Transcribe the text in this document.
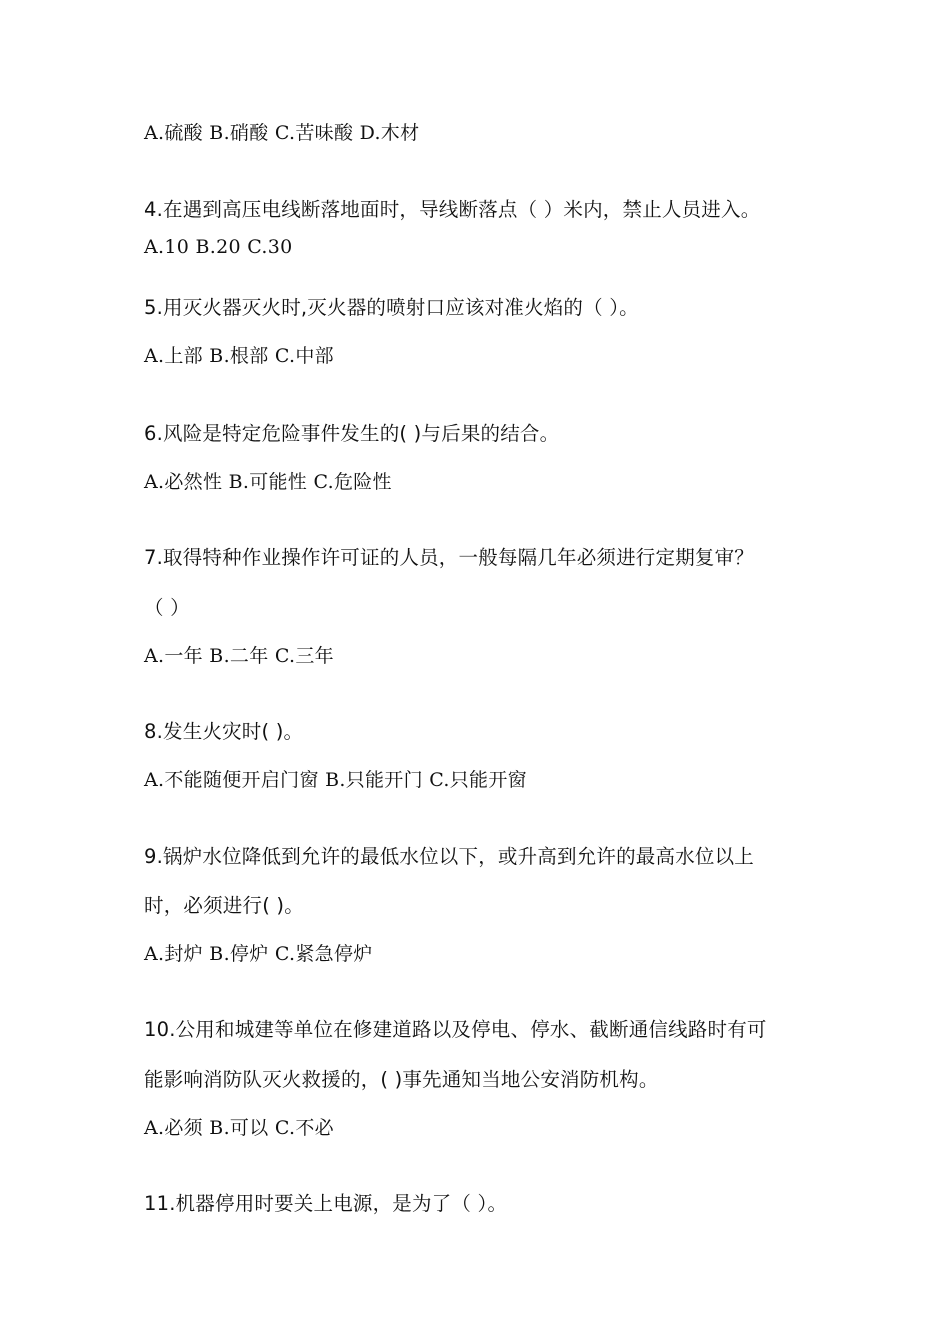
A.硫酸 B.硝酸 C.苦味酸 D.木材
4.在遇到高压电线断落地面时，导线断落点（ ）米内，禁止人员进入。
A.10 B.20 C.30
5.用灭火器灭火时,灭火器的喷射口应该对准火焰的（ ）。
A.上部 B.根部 C.中部
6.风险是特定危险事件发生的( )与后果的结合。
A.必然性 B.可能性 C.危险性
7.取得特种作业操作许可证的人员，一般每隔几年必须进行定期复审？
（ ）
A.一年 B.二年 C.三年
8.发生火灾时( )。
A.不能随便开启门窗 B.只能开门 C.只能开窗
9.锅炉水位降低到允许的最低水位以下，或升高到允许的最高水位以上
时，必须进行( )。
A.封炉 B.停炉 C.紧急停炉
10.公用和城建等单位在修建道路以及停电、停水、截断通信线路时有可
能影响消防队灭火救援的，( )事先通知当地公安消防机构。
A.必须 B.可以 C.不必
11.机器停用时要关上电源，是为了（ ）。
